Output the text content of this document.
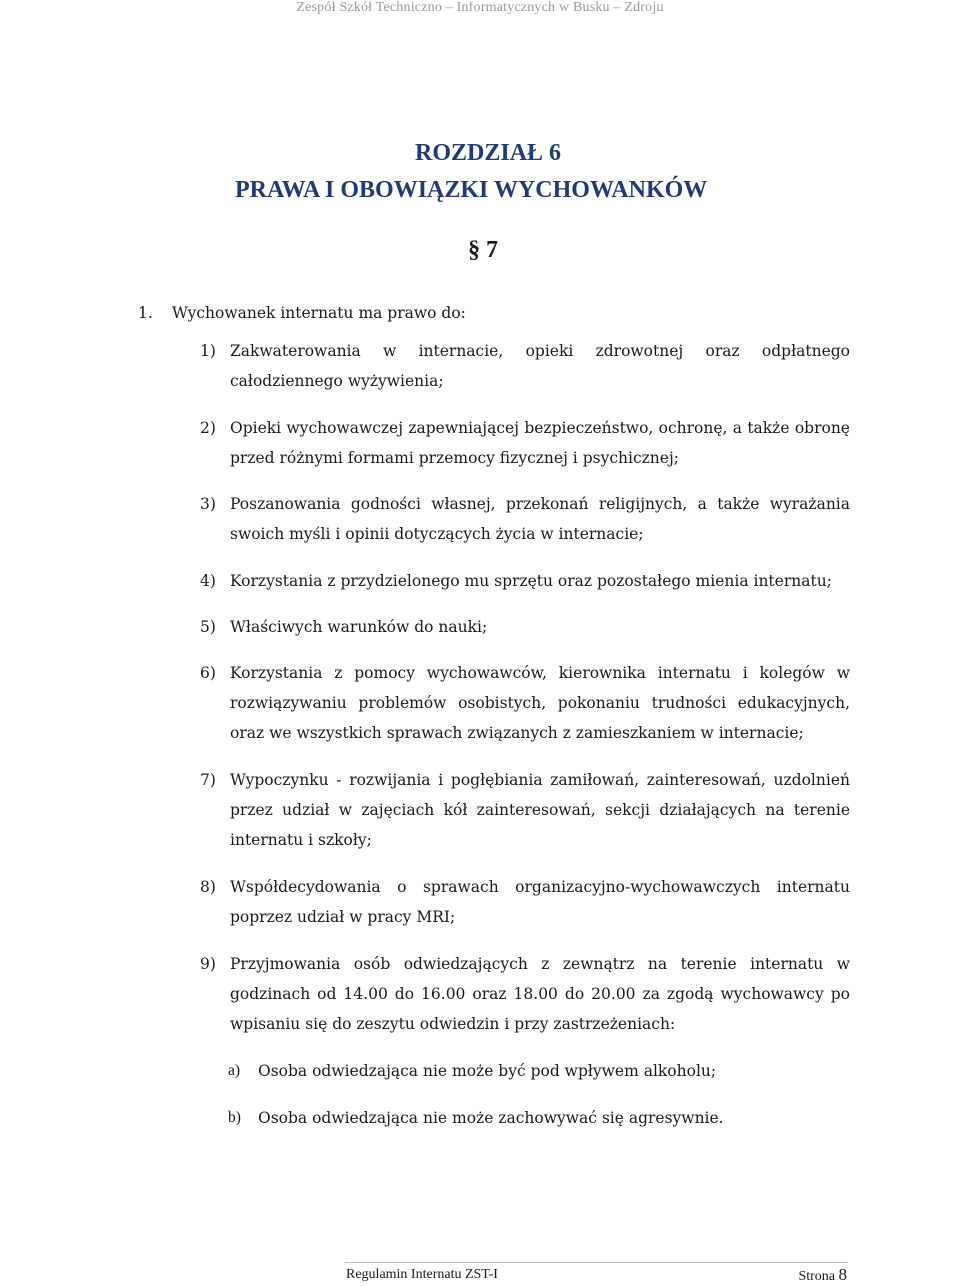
Zespół Szkół Techniczno – Informatycznych w Busku – Zdroju
ROZDZIAŁ 6
PRAWA I OBOWIĄZKI WYCHOWANKÓW
§ 7
1. Wychowanek internatu ma prawo do:
1) Zakwaterowania w internacie, opieki zdrowotnej oraz odpłatnego całodziennego wyżywienia;
2) Opieki wychowawczej zapewniającej bezpieczeństwo, ochronę, a także obronę przed różnymi formami przemocy fizycznej i psychicznej;
3) Poszanowania godności własnej, przekonań religijnych, a także wyrażania swoich myśli i opinii dotyczących życia w internacie;
4) Korzystania z przydzielonego mu sprzętu oraz pozostałego mienia internatu;
5) Właściwych warunków do nauki;
6) Korzystania z pomocy wychowawców, kierownika internatu i kolegów w rozwiązywaniu problemów osobistych, pokonaniu trudności edukacyjnych, oraz we wszystkich sprawach związanych z zamieszkaniem w internacie;
7) Wypoczynku - rozwijania i pogłębiania zamiłowań, zainteresowań, uzdolnień przez udział w zajęciach kół zainteresowań, sekcji działających na terenie internatu i szkoły;
8) Współdecydowania o sprawach organizacyjno-wychowawczych internatu poprzez udział w pracy MRI;
9) Przyjmowania osób odwiedzających z zewnątrz na terenie internatu w godzinach od 14.00 do 16.00 oraz 18.00 do 20.00 za zgodą wychowawcy po wpisaniu się do zeszytu odwiedzin i przy zastrzeżeniach:
a) Osoba odwiedzająca nie może być pod wpływem alkoholu;
b) Osoba odwiedzająca nie może zachowywać się agresywnie.
Regulamin Internatu ZST-I	Strona 8
